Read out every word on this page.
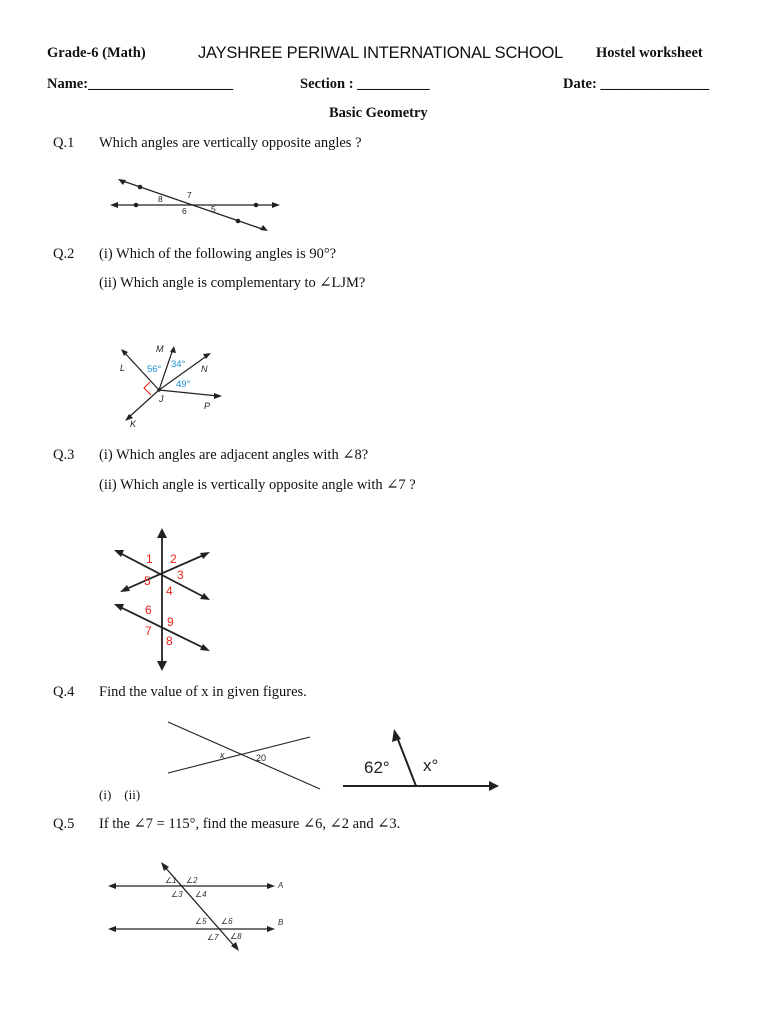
Grade-6 (Math)	JAYSHREE PERIWAL INTERNATIONAL SCHOOL Hostel worksheet
Name:____________________	Section : __________	Date: _______________
Basic Geometry
Q.1 Which angles are vertically opposite angles ?
8	7
6	5
Q.2 (i) Which of the following angles is 90°?
(ii) Which angle is complementary to ∠LJM?
L
M
N
P
J
K
56° 34°
49°
Q.3 (i) Which angles are adjacent angles with ∠8?
(ii) Which angle is vertically opposite angle with ∠7 ?
1 2
3
5
4
6
9
7
8
Q.4 Find the value of x in given figures.
x	20	62° x°
(i)    (ii)
Q.5 If the ∠7 = 115°, find the measure ∠6, ∠2 and ∠3.
∠1 ∠2
∠3 ∠4
∠5 ∠6
∠7 ∠8
A
B
